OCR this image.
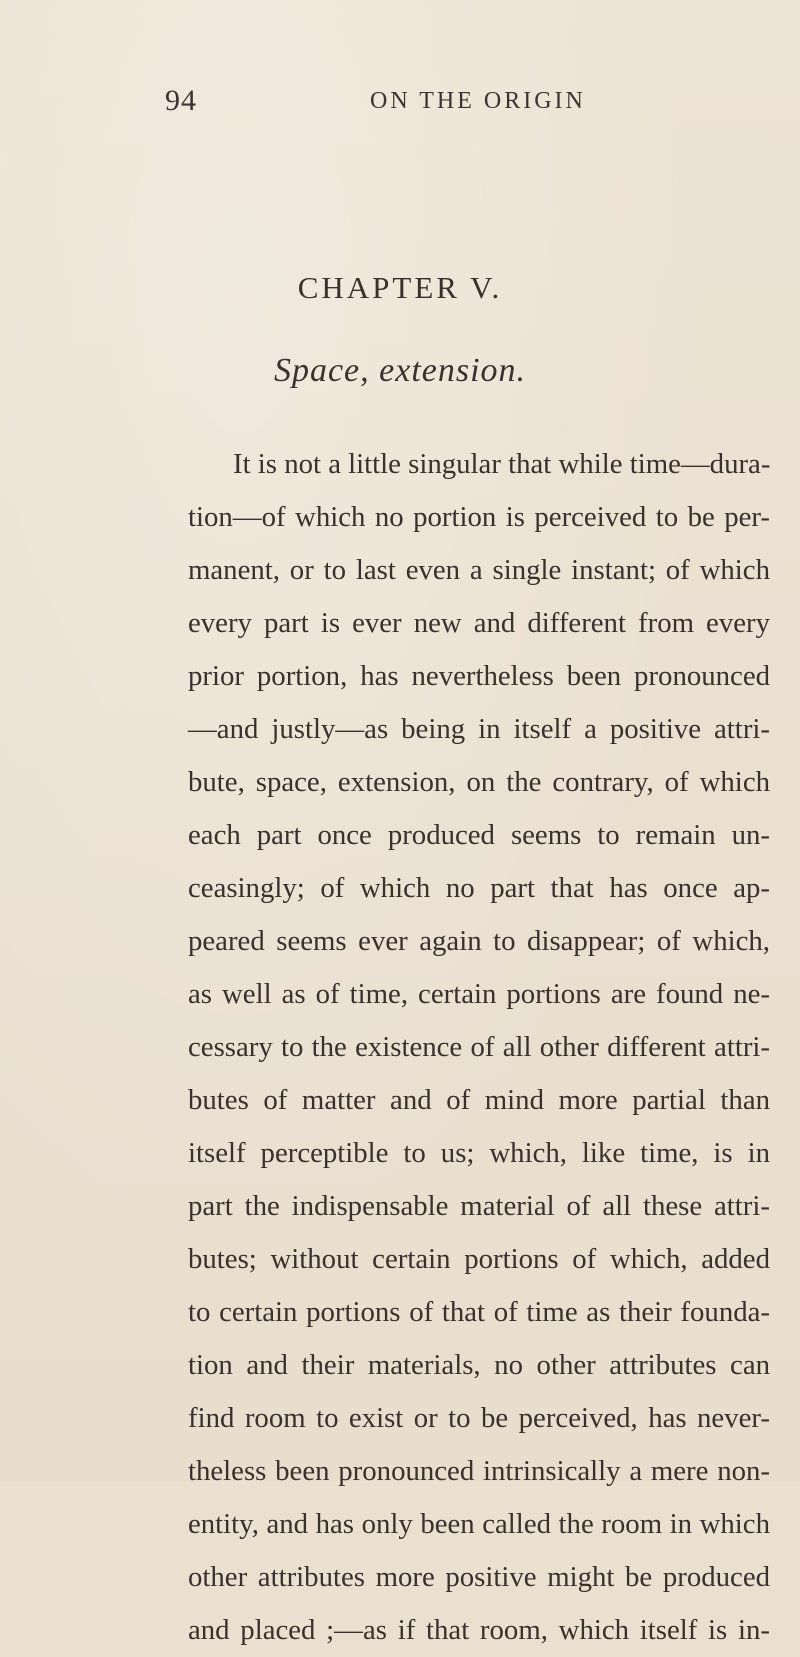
94	ON THE ORIGIN
CHAPTER V.
Space, extension.
It is not a little singular that while time—dura-
tion—of which no portion is perceived to be per-
manent, or to last even a single instant; of which
every part is ever new and different from every
prior portion, has nevertheless been pronounced
—and justly—as being in itself a positive attri-
bute, space, extension, on the contrary, of which
each part once produced seems to remain un-
ceasingly; of which no part that has once ap-
peared seems ever again to disappear; of which,
as well as of time, certain portions are found ne-
cessary to the existence of all other different attri-
butes of matter and of mind more partial than
itself perceptible to us; which, like time, is in
part the indispensable material of all these attri-
butes; without certain portions of which, added
to certain portions of that of time as their founda-
tion and their materials, no other attributes can
find room to exist or to be perceived, has never-
theless been pronounced intrinsically a mere non-
entity, and has only been called the room in which
other attributes more positive might be produced
and placed ;—as if that room, which itself is in-
